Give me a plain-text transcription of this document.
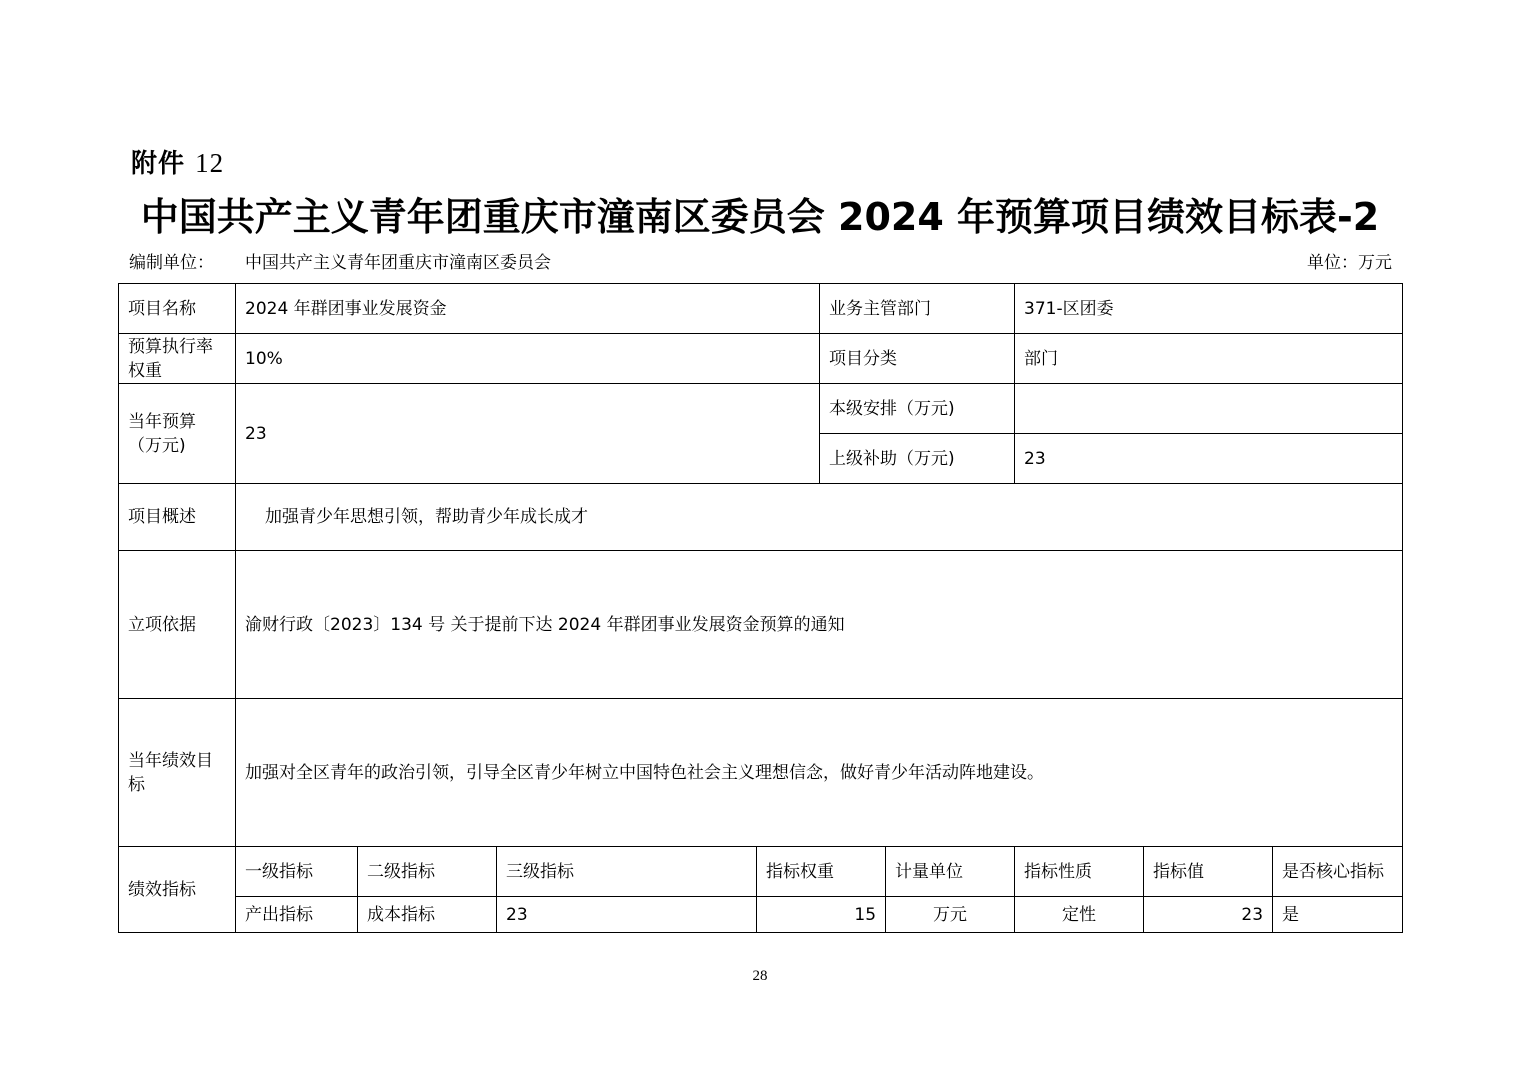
附件 12
中国共产主义青年团重庆市潼南区委员会 2024 年预算项目绩效目标表-2
编制单位： 中国共产主义青年团重庆市潼南区委员会	单位：万元
项目名称	2024 年群团事业发展资金				业务主管部门		371-区团委		
预算执行率权重	10%				项目分类		部门		
当年预算（万元)	23				本级安排（万元)				
					上级补助（万元)		23		
项目概述	加强青少年思想引领，帮助青少年成长成才								
立项依据	渝财行政〔2023〕134 号 关于提前下达 2024 年群团事业发展资金预算的通知								
当年绩效目标	加强对全区青年的政治引领，引导全区青少年树立中国特色社会主义理想信念，做好青少年活动阵地建设。								
绩效指标	一级指标	二级指标	三级指标	指标权重		计量单位	指标性质	指标值	是否核心指标
	产出指标	成本指标	23	15		万元	定性	23	是
28
